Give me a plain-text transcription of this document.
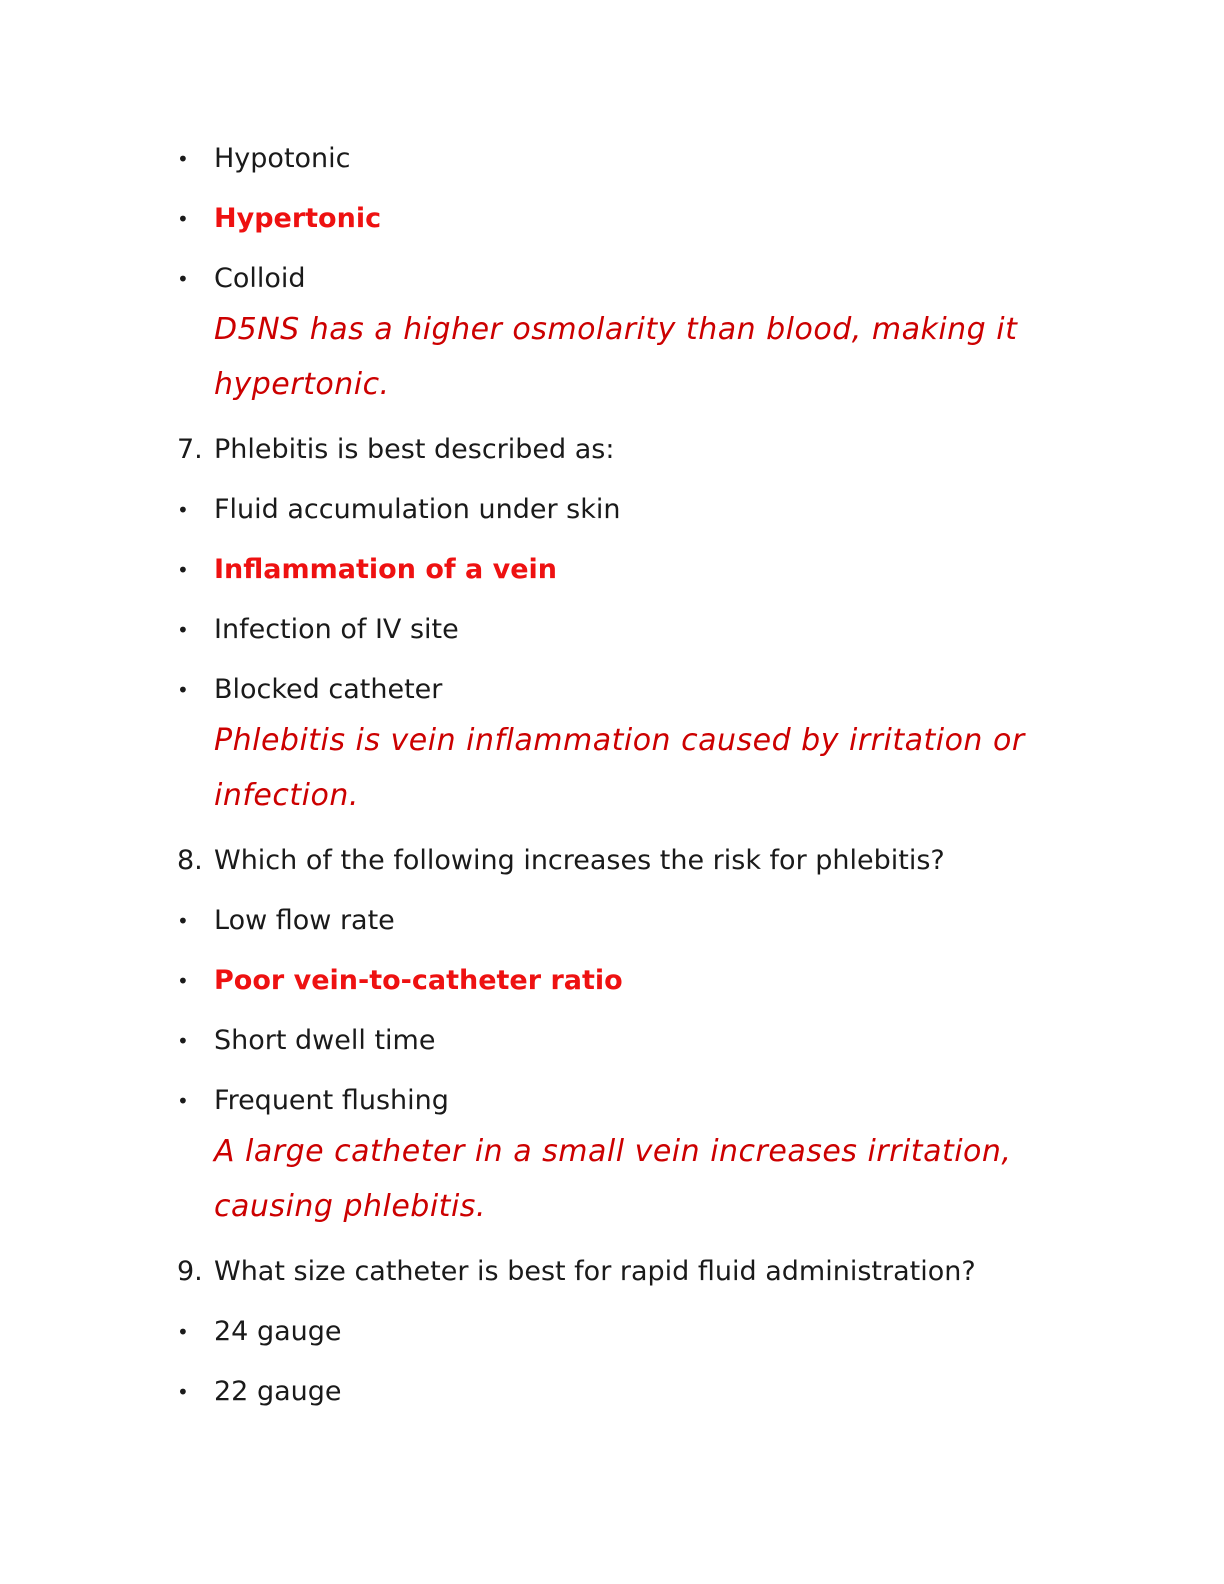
• Hypotonic
• Hypertonic
• Colloid
D5NS has a higher osmolarity than blood, making it
hypertonic.
7. Phlebitis is best described as:
• Fluid accumulation under skin
• Inflammation of a vein
• Infection of IV site
• Blocked catheter
Phlebitis is vein inflammation caused by irritation or
infection.
8. Which of the following increases the risk for phlebitis?
• Low flow rate
• Poor vein-to-catheter ratio
• Short dwell time
• Frequent flushing
A large catheter in a small vein increases irritation,
causing phlebitis.
9. What size catheter is best for rapid fluid administration?
• 24 gauge
• 22 gauge
